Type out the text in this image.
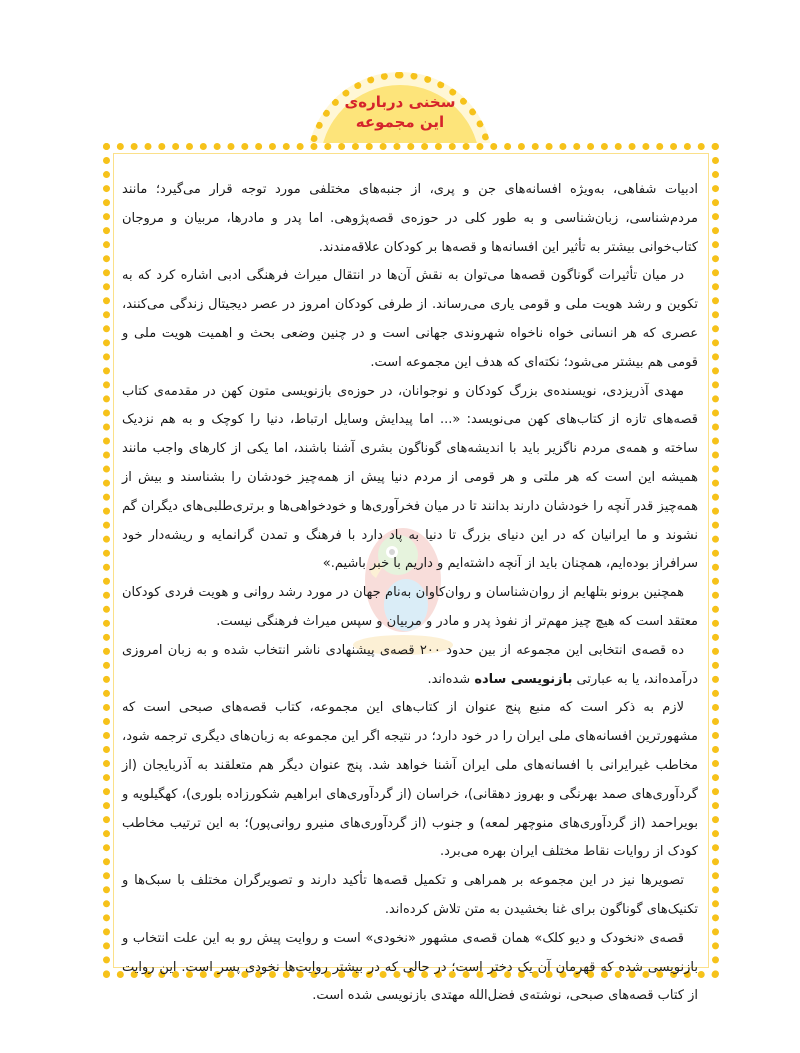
سخنی درباره‌ی
این مجموعه

ادبیات شفاهی، به‌ویژه افسانه‌های جن و پری، از جنبه‌های مختلفی مورد توجه قرار می‌گیرد؛ مانند مردم‌شناسی، زبان‌شناسی و به طور کلی در حوزه‌ی قصه‌پژوهی. اما پدر و مادرها، مربیان و مروجان کتاب‌خوانی بیشتر به تأثیر این افسانه‌ها و قصه‌ها بر کودکان علاقه‌مندند.

در میان تأثیرات گوناگون قصه‌ها می‌توان به نقش آن‌ها در انتقال میراث فرهنگی ادبی اشاره کرد که به تکوین و رشد هویت ملی و قومی یاری می‌رساند. از طرفی کودکان امروز در عصر دیجیتال زندگی می‌کنند، عصری که هر انسانی خواه ناخواه شهروندی جهانی است و در چنین وضعی بحث و اهمیت هویت ملی و قومی هم بیشتر می‌شود؛ نکته‌ای که هدف این مجموعه است.

مهدی آذریزدی، نویسنده‌ی بزرگ کودکان و نوجوانان، در حوزه‌ی بازنویسی متون کهن در مقدمه‌ی کتاب قصه‌های تازه از کتاب‌های کهن می‌نویسد: «... اما پیدایش وسایل ارتباط، دنیا را کوچک و به هم نزدیک ساخته و همه‌ی مردم ناگزیر باید با اندیشه‌های گوناگون بشری آشنا باشند، اما یکی از کارهای واجب مانند همیشه این است که هر ملتی و هر قومی از مردم دنیا پیش از همه‌چیز خودشان را بشناسند و بیش از همه‌چیز قدر آنچه را خودشان دارند بدانند تا در میان فخرآوری‌ها و خودخواهی‌ها و برتری‌طلبی‌های دیگران گم نشوند و ما ایرانیان که در این دنیای بزرگ تا دنیا به پاد دارد با فرهنگ و تمدن گرانمایه و ریشه‌دار خود سرافراز بوده‌ایم، همچنان باید از آنچه داشته‌ایم و داریم با خبر باشیم.»

همچنین برونو بتلهایم از روان‌شناسان و روان‌کاوان به‌نام جهان در مورد رشد روانی و هویت فردی کودکان معتقد است که هیچ چیز مهم‌تر از نفوذ پدر و مادر و مربیان و سپس میراث فرهنگی نیست.

ده قصه‌ی انتخابی این مجموعه از بین حدود ۲۰۰ قصه‌ی پیشنهادی ناشر انتخاب شده و به زبان امروزی درآمده‌اند، یا به عبارتی بازنویسی ساده شده‌اند.

لازم به ذکر است که منبع پنج عنوان از کتاب‌های این مجموعه، کتاب قصه‌های صبحی است که مشهورترین افسانه‌های ملی ایران را در خود دارد؛ در نتیجه اگر این مجموعه به زبان‌های دیگری ترجمه شود، مخاطب غیرایرانی با افسانه‌های ملی ایران آشنا خواهد شد. پنج عنوان دیگر هم متعلقند به آذربایجان (از گردآوری‌های صمد بهرنگی و بهروز دهقانی)، خراسان (از گردآوری‌های ابراهیم شکورزاده بلوری)، کهگیلویه و بویراحمد (از گردآوری‌های منوچهر لمعه) و جنوب (از گردآوری‌های منیرو روانی‌پور)؛ به این ترتیب مخاطب کودک از روایات نقاط مختلف ایران بهره می‌برد.

تصویرها نیز در این مجموعه بر همراهی و تکمیل قصه‌ها تأکید دارند و تصویرگران مختلف با سبک‌ها و تکنیک‌های گوناگون برای غنا بخشیدن به متن تلاش کرده‌اند.

قصه‌ی «نخودک و دیو کلک» همان قصه‌ی مشهور «نخودی» است و روایت پیش رو به این علت انتخاب و بازنویسی شده که قهرمان آن یک دختر است؛ در حالی که در بیشتر روایت‌ها نخودی پسر است. این روایت از کتاب قصه‌های صبحی، نوشته‌ی فضل‌الله مهتدی بازنویسی شده است.
